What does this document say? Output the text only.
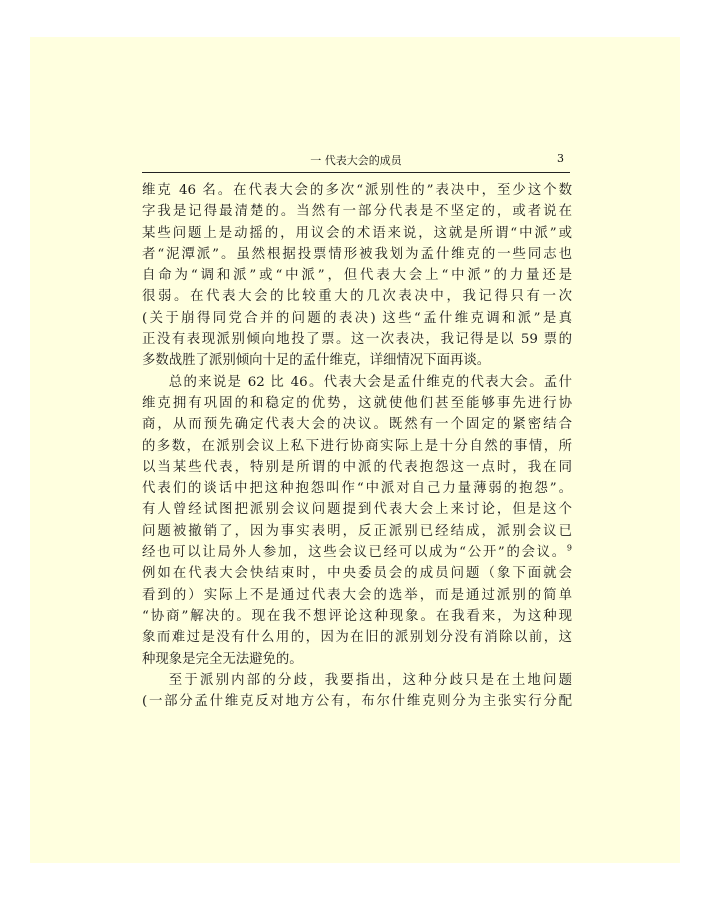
一 代表大会的成员	3

维克 46 名。在代表大会的多次“派别性的”表决中，至少这个数

字我是记得最清楚的。当然有一部分代表是不坚定的，或者说在

某些问题上是动摇的，用议会的术语来说，这就是所谓“中派”或

者“泥潭派”。虽然根据投票情形被我划为孟什维克的一些同志也

自命为“调和派”或“中派”，但代表大会上“中派”的力量还是

很弱。在代表大会的比较重大的几次表决中，我记得只有一次

(关于崩得同党合并的问题的表决) 这些“孟什维克调和派”是真

正没有表现派别倾向地投了票。这一次表决，我记得是以 59 票的

多数战胜了派别倾向十足的孟什维克，详细情况下面再谈。

总的来说是 62 比 46。代表大会是孟什维克的代表大会。孟什

维克拥有巩固的和稳定的优势，这就使他们甚至能够事先进行协

商，从而预先确定代表大会的决议。既然有一个固定的紧密结合

的多数，在派别会议上私下进行协商实际上是十分自然的事情，所

以当某些代表，特别是所谓的中派的代表抱怨这一点时，我在同

代表们的谈话中把这种抱怨叫作“中派对自己力量薄弱的抱怨”。

有人曾经试图把派别会议问题提到代表大会上来讨论，但是这个

问题被撤销了，因为事实表明，反正派别已经结成，派别会议已

经也可以让局外人参加，这些会议已经可以成为“公开”的会议。$^9$

例如在代表大会快结束时，中央委员会的成员问题（象下面就会

看到的）实际上不是通过代表大会的选举，而是通过派别的简单

“协商”解决的。现在我不想评论这种现象。在我看来，为这种现

象而难过是没有什么用的，因为在旧的派别划分没有消除以前，这

种现象是完全无法避免的。

至于派别内部的分歧，我要指出，这种分歧只是在土地问题

(一部分孟什维克反对地方公有，布尔什维克则分为主张实行分配
